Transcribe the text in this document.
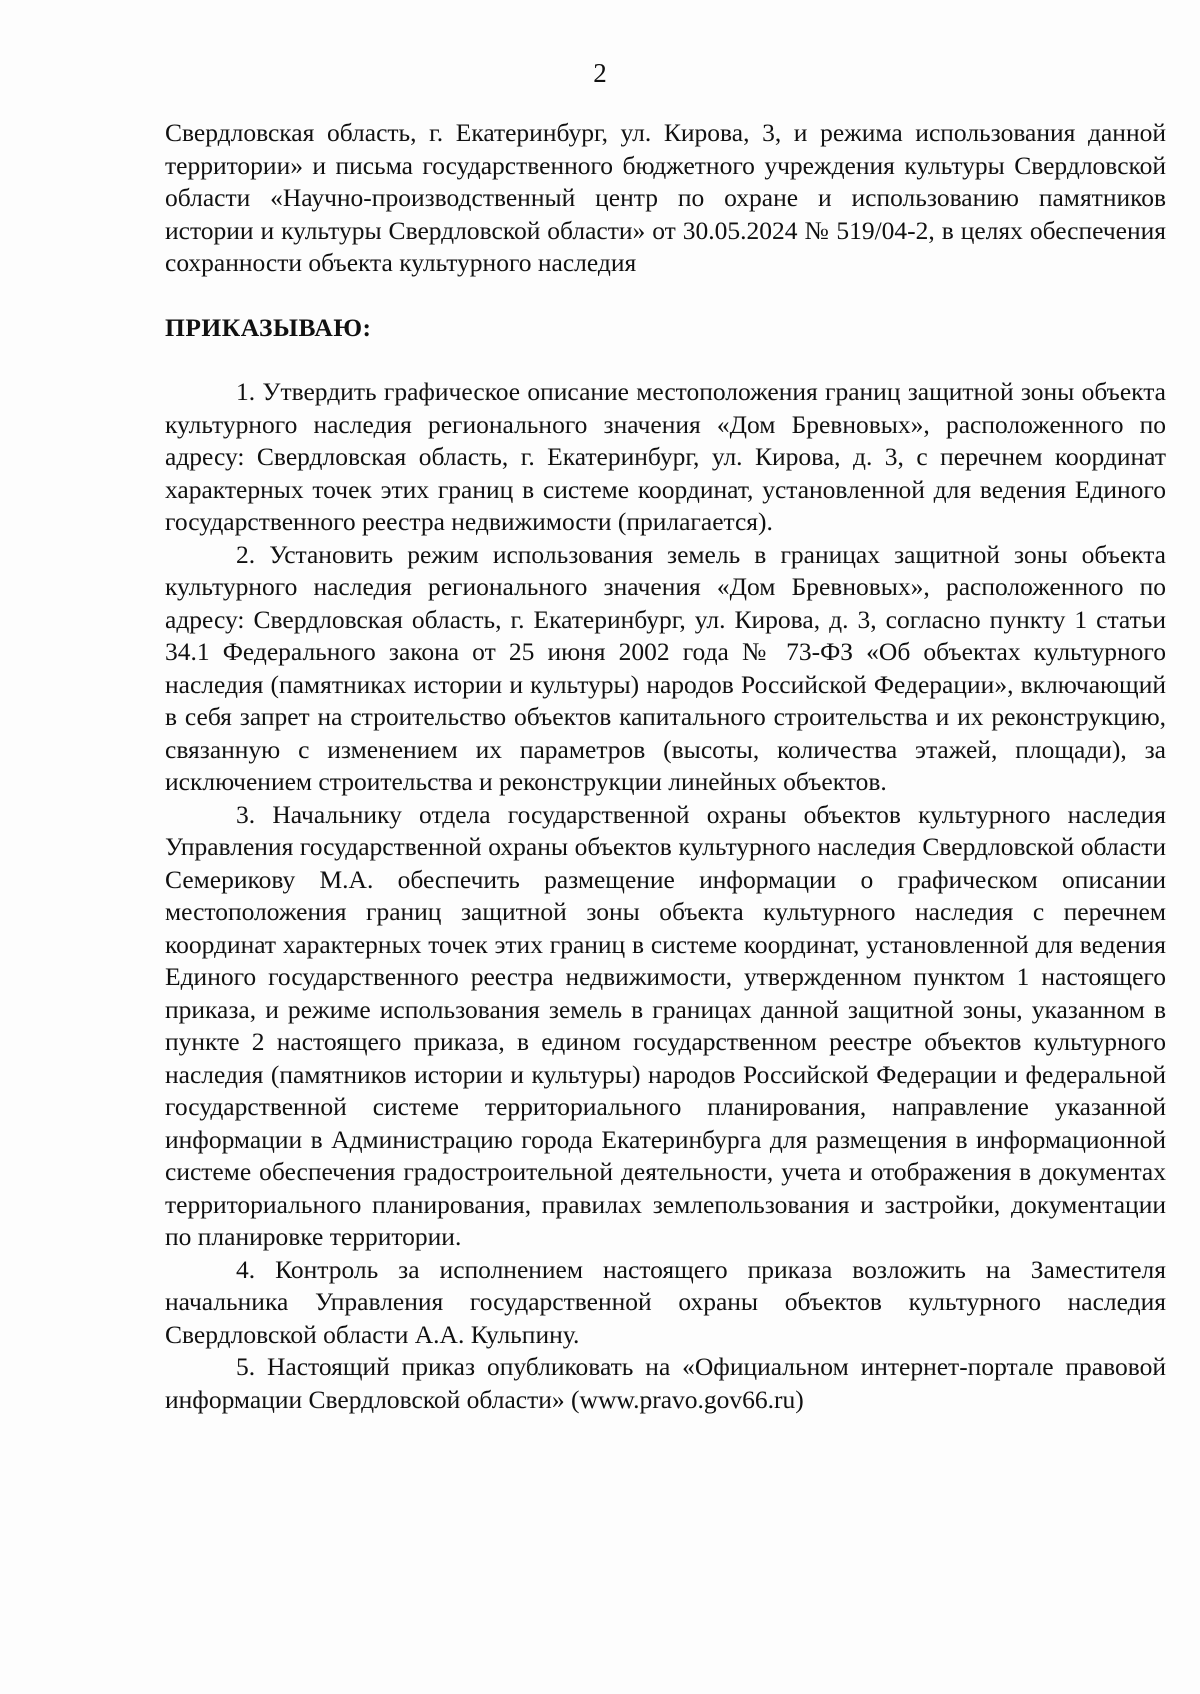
2

Свердловская область, г. Екатеринбург, ул. Кирова, 3, и режима использования данной территории» и письма государственного бюджетного учреждения культуры Свердловской области «Научно-производственный центр по охране и использованию памятников истории и культуры Свердловской области» от 30.05.2024 № 519/04-2, в целях обеспечения сохранности объекта культурного наследия

ПРИКАЗЫВАЮ:

1. Утвердить графическое описание местоположения границ защитной зоны объекта культурного наследия регионального значения «Дом Бревновых», расположенного по адресу: Свердловская область, г. Екатеринбург, ул. Кирова, д. 3, с перечнем координат характерных точек этих границ в системе координат, установленной для ведения Единого государственного реестра недвижимости (прилагается).

2. Установить режим использования земель в границах защитной зоны объекта культурного наследия регионального значения «Дом Бревновых», расположенного по адресу: Свердловская область, г. Екатеринбург, ул. Кирова, д. 3, согласно пункту 1 статьи 34.1 Федерального закона от 25 июня 2002 года № 73-ФЗ «Об объектах культурного наследия (памятниках истории и культуры) народов Российской Федерации», включающий в себя запрет на строительство объектов капитального строительства и их реконструкцию, связанную с изменением их параметров (высоты, количества этажей, площади), за исключением строительства и реконструкции линейных объектов.

3. Начальнику отдела государственной охраны объектов культурного наследия Управления государственной охраны объектов культурного наследия Свердловской области Семерикову М.А. обеспечить размещение информации о графическом описании местоположения границ защитной зоны объекта культурного наследия с перечнем координат характерных точек этих границ в системе координат, установленной для ведения Единого государственного реестра недвижимости, утвержденном пунктом 1 настоящего приказа, и режиме использования земель в границах данной защитной зоны, указанном в пункте 2 настоящего приказа, в едином государственном реестре объектов культурного наследия (памятников истории и культуры) народов Российской Федерации и федеральной государственной системе территориального планирования, направление указанной информации в Администрацию города Екатеринбурга для размещения в информационной системе обеспечения градостроительной деятельности, учета и отображения в документах территориального планирования, правилах землепользования и застройки, документации по планировке территории.

4. Контроль за исполнением настоящего приказа возложить на Заместителя начальника Управления государственной охраны объектов культурного наследия Свердловской области А.А. Кульпину.

5. Настоящий приказ опубликовать на «Официальном интернет-портале правовой информации Свердловской области» (www.pravo.gov66.ru)
